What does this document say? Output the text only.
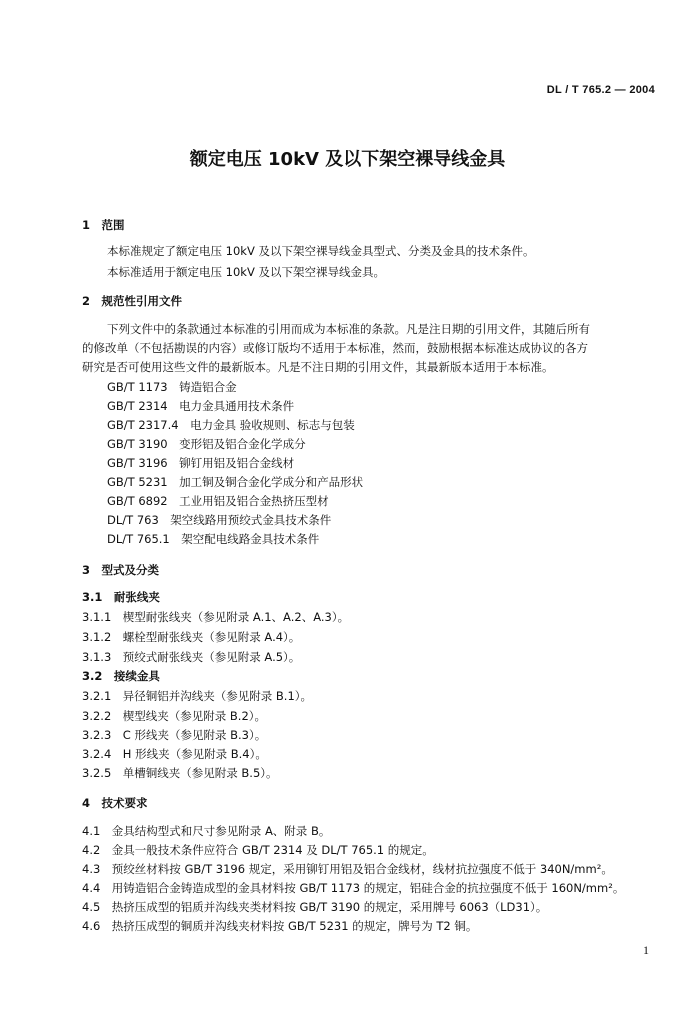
DL / T 765.2 — 2004
额定电压 10kV 及以下架空裸导线金具
1　范围
本标准规定了额定电压 10kV 及以下架空裸导线金具型式、分类及金具的技术条件。
本标准适用于额定电压 10kV 及以下架空裸导线金具。
2　规范性引用文件
下列文件中的条款通过本标准的引用而成为本标准的条款。凡是注日期的引用文件，其随后所有
的修改单（不包括勘误的内容）或修订版均不适用于本标准，然而，鼓励根据本标准达成协议的各方
研究是否可使用这些文件的最新版本。凡是不注日期的引用文件，其最新版本适用于本标准。
GB/T 1173　铸造铝合金
GB/T 2314　电力金具通用技术条件
GB/T 2317.4　电力金具 验收规则、标志与包装
GB/T 3190　变形铝及铝合金化学成分
GB/T 3196　铆钉用铝及铝合金线材
GB/T 5231　加工铜及铜合金化学成分和产品形状
GB/T 6892　工业用铝及铝合金热挤压型材
DL/T 763　架空线路用预绞式金具技术条件
DL/T 765.1　架空配电线路金具技术条件
3　型式及分类
3.1　耐张线夹
3.1.1　楔型耐张线夹（参见附录 A.1、A.2、A.3）。
3.1.2　螺栓型耐张线夹（参见附录 A.4）。
3.1.3　预绞式耐张线夹（参见附录 A.5）。
3.2　接续金具
3.2.1　异径铜铝并沟线夹（参见附录 B.1）。
3.2.2　楔型线夹（参见附录 B.2）。
3.2.3　C 形线夹（参见附录 B.3）。
3.2.4　H 形线夹（参见附录 B.4）。
3.2.5　单槽铜线夹（参见附录 B.5）。
4　技术要求
4.1　金具结构型式和尺寸参见附录 A、附录 B。
4.2　金具一般技术条件应符合 GB/T 2314 及 DL/T 765.1 的规定。
4.3　预绞丝材料按 GB/T 3196 规定，采用铆钉用铝及铝合金线材，线材抗拉强度不低于 340N/mm²。
4.4　用铸造铝合金铸造成型的金具材料按 GB/T 1173 的规定，铝硅合金的抗拉强度不低于 160N/mm²。
4.5　热挤压成型的铝质并沟线夹类材料按 GB/T 3190 的规定，采用牌号 6063（LD31）。
4.6　热挤压成型的铜质并沟线夹材料按 GB/T 5231 的规定，牌号为 T2 铜。
1
